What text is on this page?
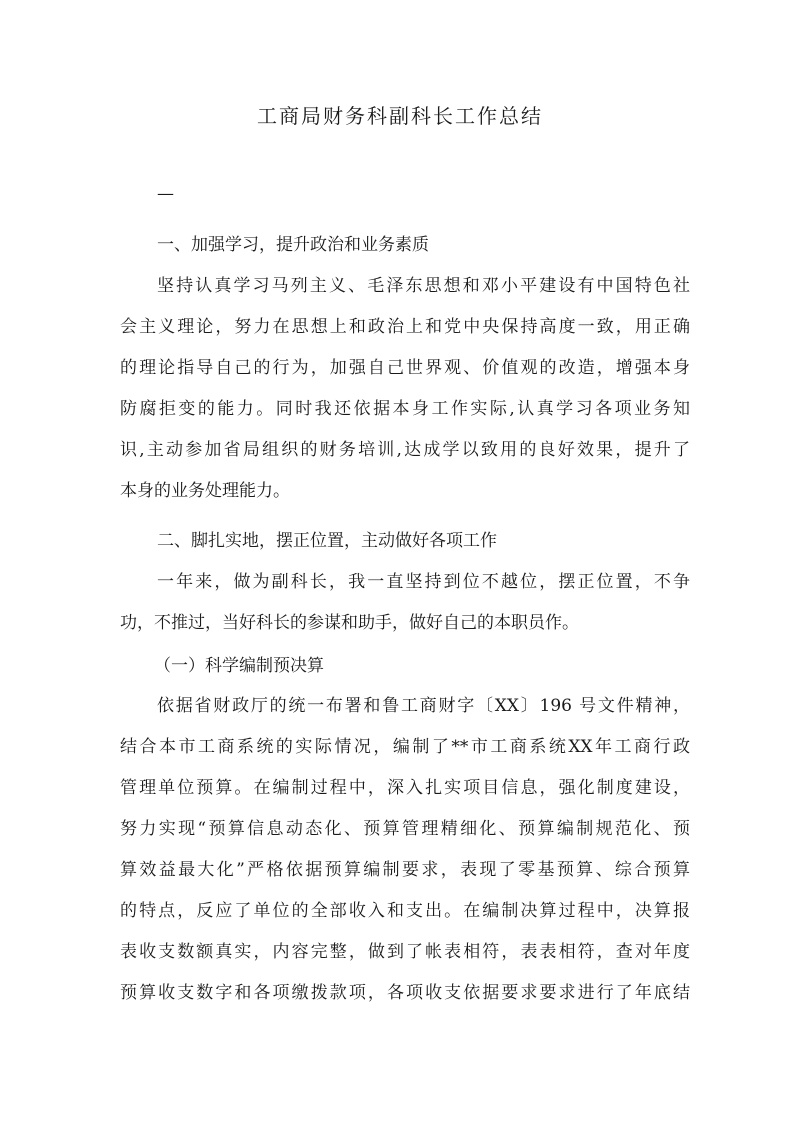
工商局财务科副科长工作总结

—

一、加强学习，提升政治和业务素质

坚持认真学习马列主义、毛泽东思想和邓小平建设有中国特色社
会主义理论，努力在思想上和政治上和党中央保持高度一致，用正确
的理论指导自己的行为，加强自己世界观、价值观的改造，增强本身
防腐拒变的能力。同时我还依据本身工作实际,认真学习各项业务知
识,主动参加省局组织的财务培训,达成学以致用的良好效果，提升了
本身的业务处理能力。

二、脚扎实地，摆正位置，主动做好各项工作

一年来，做为副科长，我一直坚持到位不越位，摆正位置，不争
功，不推过，当好科长的参谋和助手，做好自己的本职员作。

（一）科学编制预决算

依据省财政厅的统一布署和鲁工商财字〔XX〕196 号文件精神，
结合本市工商系统的实际情况，编制了**市工商系统XX年工商行政
管理单位预算。在编制过程中，深入扎实项目信息，强化制度建设，
努力实现“预算信息动态化、预算管理精细化、预算编制规范化、预
算效益最大化”严格依据预算编制要求，表现了零基预算、综合预算
的特点，反应了单位的全部收入和支出。在编制决算过程中，决算报
表收支数额真实，内容完整，做到了帐表相符，表表相符，查对年度
预算收支数字和各项缴拨款项，各项收支依据要求要求进行了年底结
